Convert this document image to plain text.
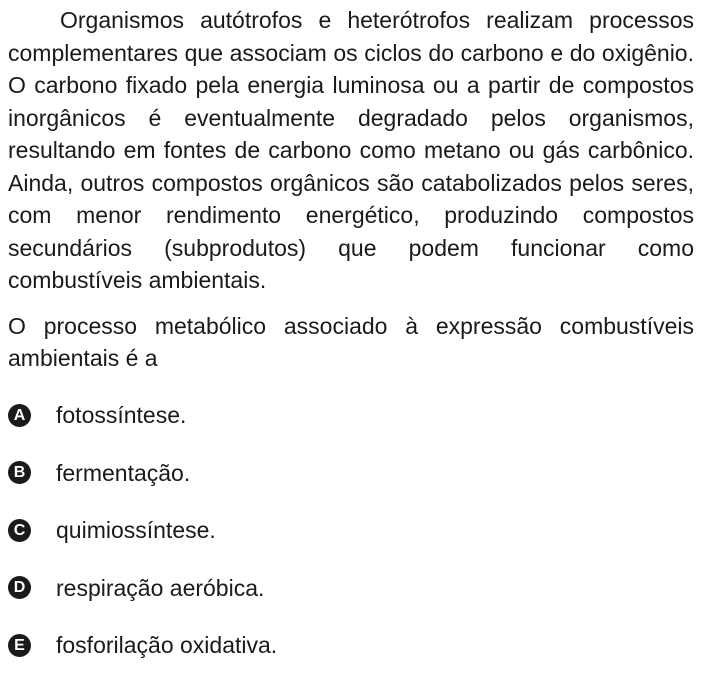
Organismos autótrofos e heterótrofos realizam processos complementares que associam os ciclos do carbono e do oxigênio. O carbono fixado pela energia luminosa ou a partir de compostos inorgânicos é eventualmente degradado pelos organismos, resultando em fontes de carbono como metano ou gás carbônico. Ainda, outros compostos orgânicos são catabolizados pelos seres, com menor rendimento energético, produzindo compostos secundários (subprodutos) que podem funcionar como combustíveis ambientais.

O processo metabólico associado à expressão combustíveis ambientais é a

A fotossíntese.
B fermentação.
C quimiossíntese.
D respiração aeróbica.
E fosforilação oxidativa.
